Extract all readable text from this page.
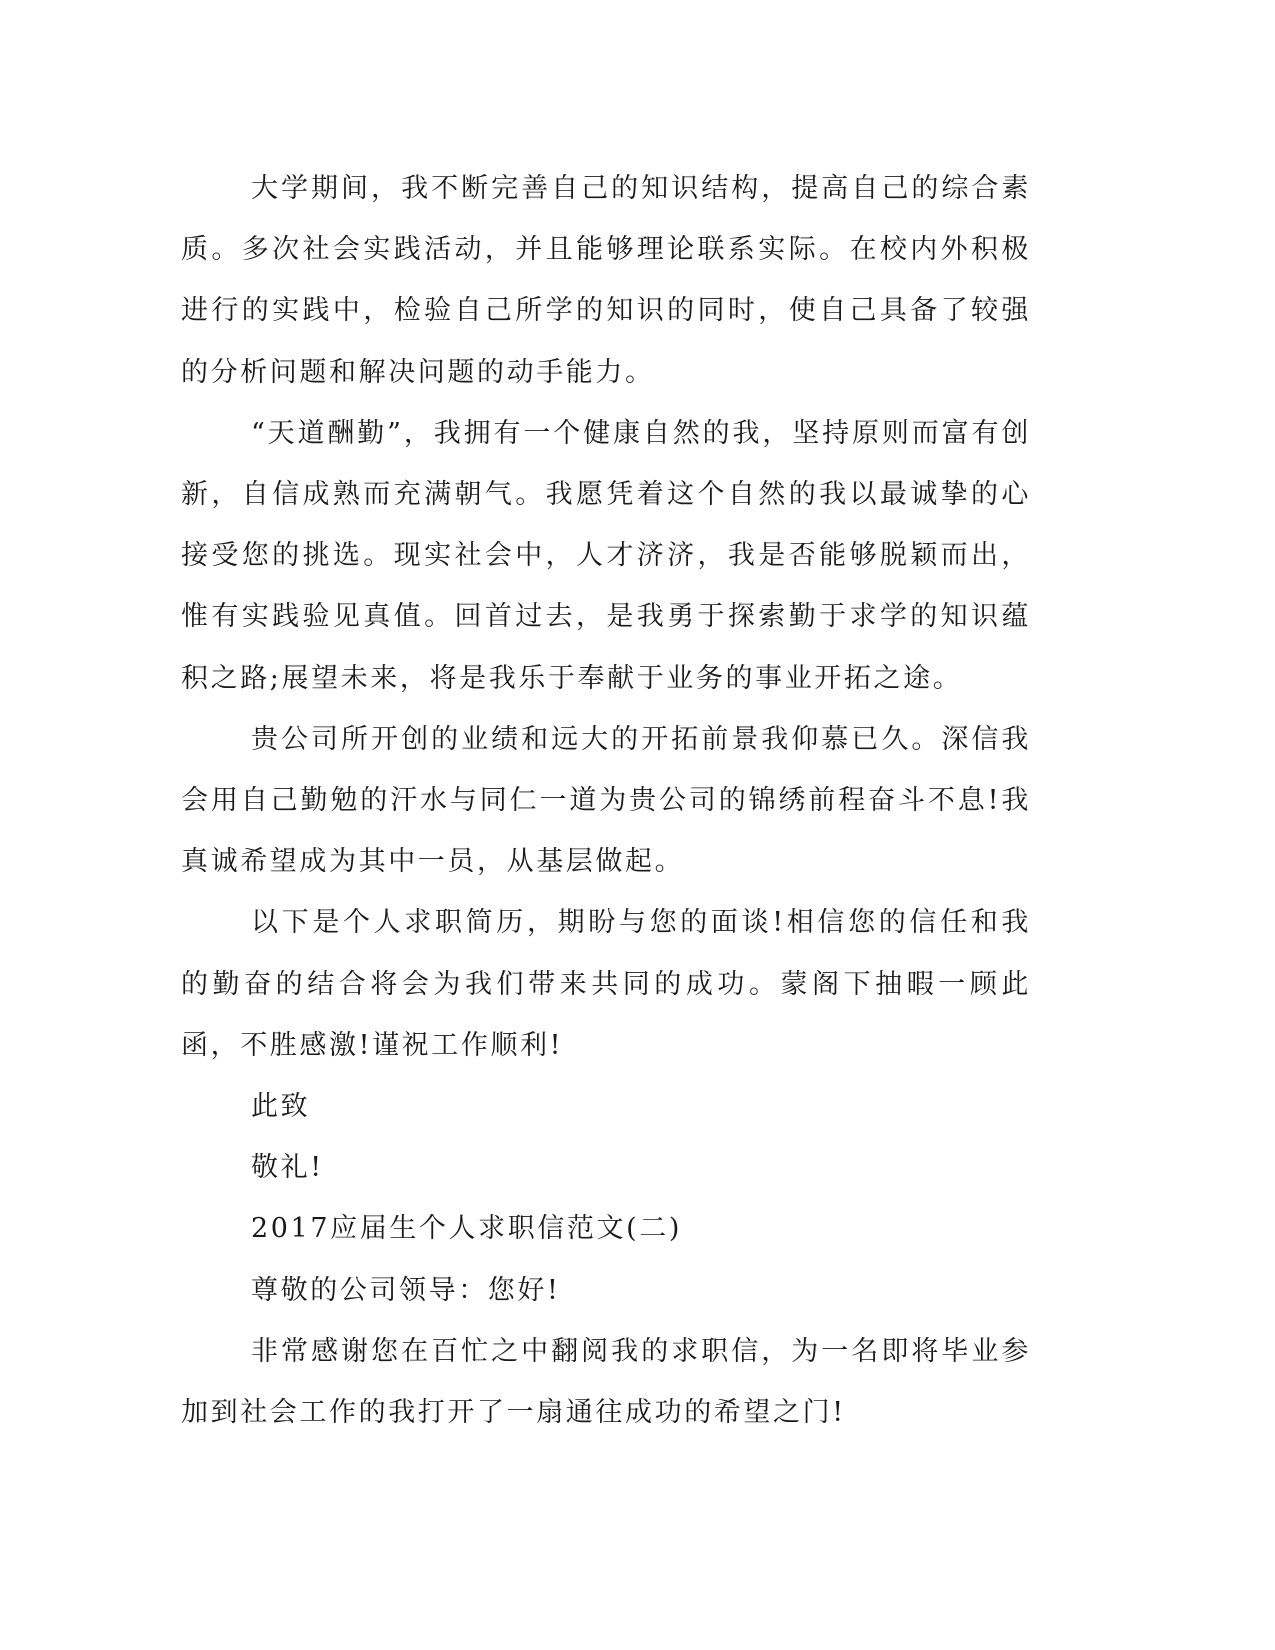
大学期间，我不断完善自己的知识结构，提高自己的综合素质。多次社会实践活动，并且能够理论联系实际。在校内外积极进行的实践中，检验自己所学的知识的同时，使自己具备了较强的分析问题和解决问题的动手能力。

“天道酬勤”，我拥有一个健康自然的我，坚持原则而富有创新，自信成熟而充满朝气。我愿凭着这个自然的我以最诚挚的心接受您的挑选。现实社会中，人才济济，我是否能够脱颖而出，惟有实践验见真值。回首过去，是我勇于探索勤于求学的知识蕴积之路;展望未来，将是我乐于奉献于业务的事业开拓之途。

贵公司所开创的业绩和远大的开拓前景我仰慕已久。深信我会用自己勤勉的汗水与同仁一道为贵公司的锦绣前程奋斗不息!我真诚希望成为其中一员，从基层做起。

以下是个人求职简历，期盼与您的面谈!相信您的信任和我的勤奋的结合将会为我们带来共同的成功。蒙阁下抽暇一顾此函，不胜感激!谨祝工作顺利!

此致

敬礼!

2017应届生个人求职信范文(二)

尊敬的公司领导：您好!

非常感谢您在百忙之中翻阅我的求职信，为一名即将毕业参加到社会工作的我打开了一扇通往成功的希望之门!
